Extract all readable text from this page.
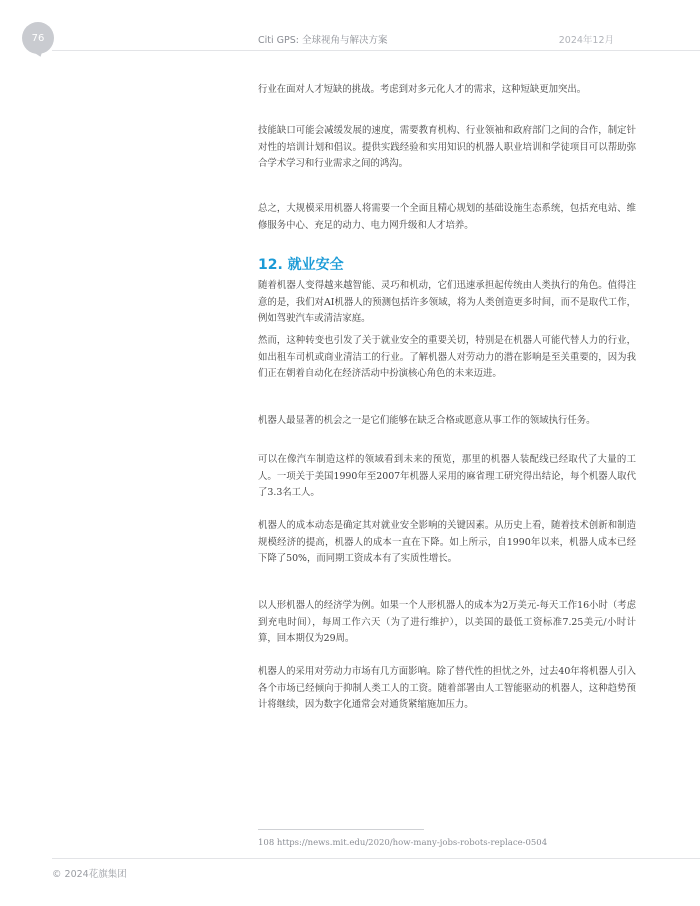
76	Citi GPS: 全球视角与解决方案	2024年12月

行业在面对人才短缺的挑战。考虑到对多元化人才的需求，这种短缺更加突出。

技能缺口可能会减缓发展的速度，需要教育机构、行业领袖和政府部门之间的合作，制定针对性的培训计划和倡议。提供实践经验和实用知识的机器人职业培训和学徒项目可以帮助弥合学术学习和行业需求之间的鸿沟。

总之，大规模采用机器人将需要一个全面且精心规划的基础设施生态系统，包括充电站、维修服务中心、充足的动力、电力网升级和人才培养。

12. 就业安全

随着机器人变得越来越智能、灵巧和机动，它们迅速承担起传统由人类执行的角色。值得注意的是，我们对AI机器人的预测包括许多领域，将为人类创造更多时间，而不是取代工作，例如驾驶汽车或清洁家庭。

然而，这种转变也引发了关于就业安全的重要关切，特别是在机器人可能代替人力的行业，如出租车司机或商业清洁工的行业。了解机器人对劳动力的潜在影响是至关重要的，因为我们正在朝着自动化在经济活动中扮演核心角色的未来迈进。

机器人最显著的机会之一是它们能够在缺乏合格或愿意从事工作的领域执行任务。

可以在像汽车制造这样的领域看到未来的预览，那里的机器人装配线已经取代了大量的工人。一项关于美国1990年至2007年机器人采用的麻省理工研究得出结论，每个机器人取代了3.3名工人。

机器人的成本动态是确定其对就业安全影响的关键因素。从历史上看，随着技术创新和制造规模经济的提高，机器人的成本一直在下降。如上所示，自1990年以来，机器人成本已经下降了50%，而同期工资成本有了实质性增长。

以人形机器人的经济学为例。如果一个人形机器人的成本为2万美元-每天工作16小时（考虑到充电时间），每周工作六天（为了进行维护），以美国的最低工资标准7.25美元/小时计算，回本期仅为29周。

机器人的采用对劳动力市场有几方面影响。除了替代性的担忧之外，过去40年将机器人引入各个市场已经倾向于抑制人类工人的工资。随着部署由人工智能驱动的机器人，这种趋势预计将继续，因为数字化通常会对通货紧缩施加压力。

108 https://news.mit.edu/2020/how-many-jobs-robots-replace-0504
© 2024花旗集团
